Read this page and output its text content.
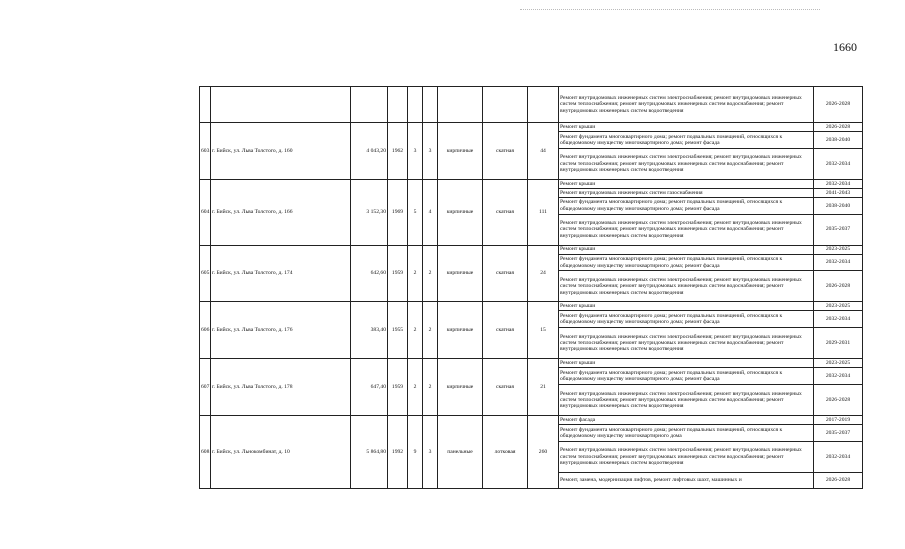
1660
									Ремонт внутридомовых инженерных систем электроснабжения; ремонт внутридомовых инженерных систем теплоснабжения; ремонт внутридомовых инженерных систем водоснабжения; ремонт внутридомовых инженерных систем водоотведения	2026-2028
603	г. Бийск, ул. Льва Толстого, д. 160	4 043,20	1962	3	3	кирпичные	скатная	44	Ремонт крыши	2026-2028
									Ремонт фундамента многоквартирного дома; ремонт подвальных помещений, относящихся к общедомовому имуществу многоквартирного дома; ремонт фасада	2038-2040
									Ремонт внутридомовых инженерных систем электроснабжения; ремонт внутридомовых инженерных систем теплоснабжения; ремонт внутридомовых инженерных систем водоснабжения; ремонт внутридомовых инженерных систем водоотведения	2032-2034
604	г. Бийск, ул. Льва Толстого, д. 166	3 152,30	1969	5	4	кирпичные	скатная	111	Ремонт крыши	2032-2034
									Ремонт внутридомовых инженерных систем газоснабжения	2041-2043
									Ремонт фундамента многоквартирного дома; ремонт подвальных помещений, относящихся к общедомовому имуществу многоквартирного дома; ремонт фасада	2038-2040
									Ремонт внутридомовых инженерных систем электроснабжения; ремонт внутридомовых инженерных систем теплоснабжения; ремонт внутридомовых инженерных систем водоснабжения; ремонт внутридомовых инженерных систем водоотведения	2035-2037
605	г. Бийск, ул. Льва Толстого, д. 174	642,60	1959	2	2	кирпичные	скатная	24	Ремонт крыши	2023-2025
									Ремонт фундамента многоквартирного дома; ремонт подвальных помещений, относящихся к общедомовому имуществу многоквартирного дома; ремонт фасада	2032-2034
									Ремонт внутридомовых инженерных систем электроснабжения; ремонт внутридомовых инженерных систем теплоснабжения; ремонт внутридомовых инженерных систем водоснабжения; ремонт внутридомовых инженерных систем водоотведения	2026-2028
606	г. Бийск, ул. Льва Толстого, д. 176	383,40	1955	2	2	кирпичные	скатная	15	Ремонт крыши	2023-2025
									Ремонт фундамента многоквартирного дома; ремонт подвальных помещений, относящихся к общедомовому имуществу многоквартирного дома; ремонт фасада	2032-2034
									Ремонт внутридомовых инженерных систем электроснабжения; ремонт внутридомовых инженерных систем теплоснабжения; ремонт внутридомовых инженерных систем водоснабжения; ремонт внутридомовых инженерных систем водоотведения	2029-2031
607	г. Бийск, ул. Льва Толстого, д. 178	647,40	1959	2	2	кирпичные	скатная	21	Ремонт крыши	2023-2025
									Ремонт фундамента многоквартирного дома; ремонт подвальных помещений, относящихся к общедомовому имуществу многоквартирного дома; ремонт фасада	2032-2034
									Ремонт внутридомовых инженерных систем электроснабжения; ремонт внутридомовых инженерных систем теплоснабжения; ремонт внутридомовых инженерных систем водоснабжения; ремонт внутридомовых инженерных систем водоотведения	2026-2028
608	г. Бийск, ул. Льнокомбинат, д. 10	5 864,80	1992	9	3	панельные	лотковая	260	Ремонт фасада	2017-2019
									Ремонт фундамента многоквартирного дома; ремонт подвальных помещений, относящихся к общедомовому имуществу многоквартирного дома	2035-2037
									Ремонт внутридомовых инженерных систем электроснабжения; ремонт внутридомовых инженерных систем теплоснабжения; ремонт внутридомовых инженерных систем водоснабжения; ремонт внутридомовых инженерных систем водоотведения	2032-2034
									Ремонт, замена, модернизация лифтов, ремонт лифтовых шахт, машинных и	2026-2028
